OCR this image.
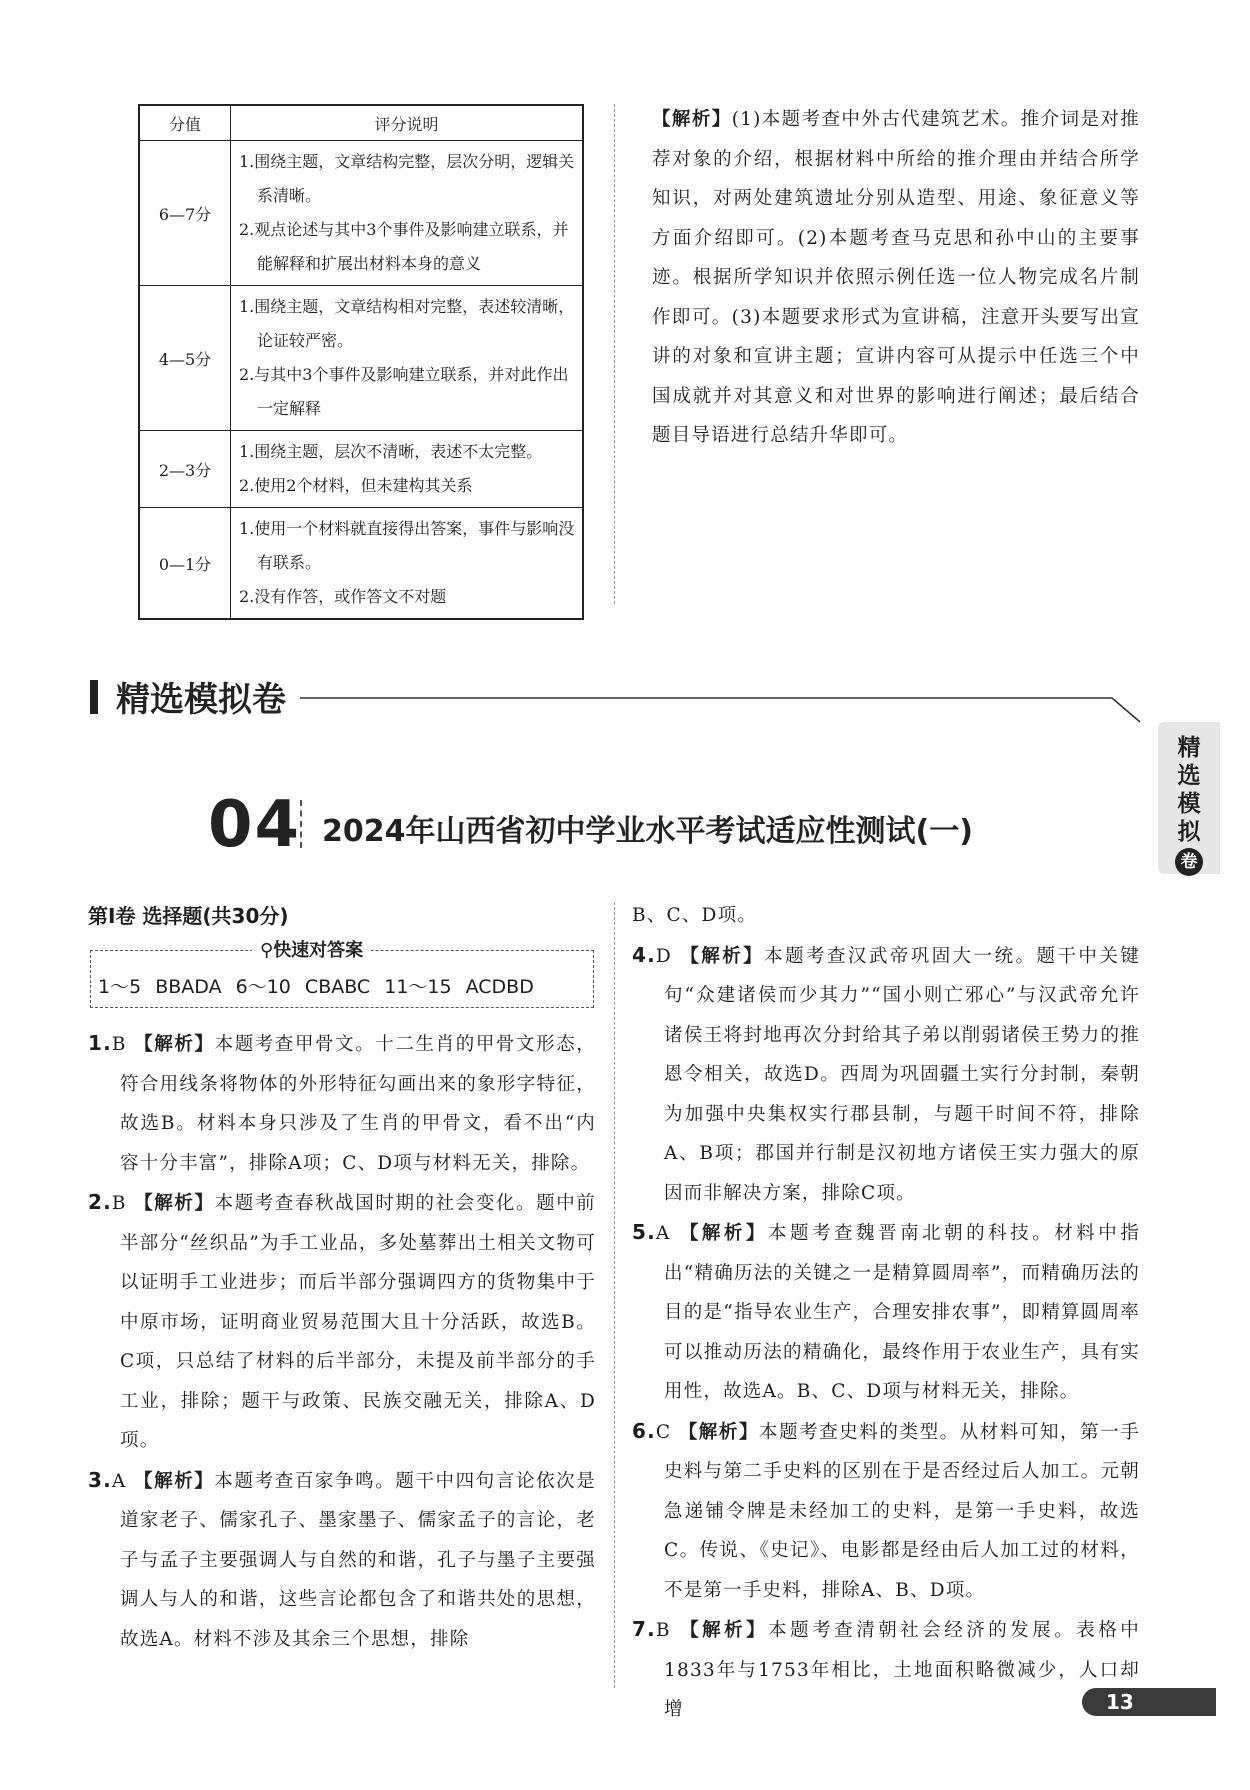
分值	评分说明
6—7分	1.围绕主题，文章结构完整，层次分明，逻辑关系清晰。
2.观点论述与其中3个事件及影响建立联系，并能解释和扩展出材料本身的意义

4—5分	1.围绕主题，文章结构相对完整，表述较清晰，论证较严密。
2.与其中3个事件及影响建立联系，并对此作出一定解释

2—3分	1.围绕主题，层次不清晰，表述不太完整。
2.使用2个材料，但未建构其关系

0—1分	1.使用一个材料就直接得出答案，事件与影响没有联系。
2.没有作答，或作答文不对题
【解析】(1)本题考查中外古代建筑艺术。推介词是对推荐对象的介绍，根据材料中所给的推介理由并结合所学知识，对两处建筑遗址分别从造型、用途、象征意义等方面介绍即可。(2)本题考查马克思和孙中山的主要事迹。根据所学知识并依照示例任选一位人物完成名片制作即可。(3)本题要求形式为宣讲稿，注意开头要写出宣讲的对象和宣讲主题；宣讲内容可从提示中任选三个中国成就并对其意义和对世界的影响进行阐述；最后结合题目导语进行总结升华即可。
精选模拟卷
精
选
模
拟
卷
04 2024年山西省初中学业水平考试适应性测试(一)
第Ⅰ卷 选择题(共30分)
⚲快速对答案
1～5 BBADA 6～10 CBABC 11～15 ACDBD
1.B 【解析】本题考查甲骨文。十二生肖的甲骨文形态，符合用线条将物体的外形特征勾画出来的象形字特征，故选B。材料本身只涉及了生肖的甲骨文，看不出“内容十分丰富”，排除A项；C、D项与材料无关，排除。
2.B 【解析】本题考查春秋战国时期的社会变化。题中前半部分“丝织品”为手工业品，多处墓葬出土相关文物可以证明手工业进步；而后半部分强调四方的货物集中于中原市场，证明商业贸易范围大且十分活跃，故选B。C项，只总结了材料的后半部分，未提及前半部分的手工业，排除；题干与政策、民族交融无关，排除A、D项。
3.A 【解析】本题考查百家争鸣。题干中四句言论依次是道家老子、儒家孔子、墨家墨子、儒家孟子的言论，老子与孟子主要强调人与自然的和谐，孔子与墨子主要强调人与人的和谐，这些言论都包含了和谐共处的思想，故选A。材料不涉及其余三个思想，排除
B、C、D项。
4.D 【解析】本题考查汉武帝巩固大一统。题干中关键句“众建诸侯而少其力”“国小则亡邪心”与汉武帝允许诸侯王将封地再次分封给其子弟以削弱诸侯王势力的推恩令相关，故选D。西周为巩固疆土实行分封制，秦朝为加强中央集权实行郡县制，与题干时间不符，排除A、B项；郡国并行制是汉初地方诸侯王实力强大的原因而非解决方案，排除C项。
5.A 【解析】本题考查魏晋南北朝的科技。材料中指出“精确历法的关键之一是精算圆周率”，而精确历法的目的是“指导农业生产，合理安排农事”，即精算圆周率可以推动历法的精确化，最终作用于农业生产，具有实用性，故选A。B、C、D项与材料无关，排除。
6.C 【解析】本题考查史料的类型。从材料可知，第一手史料与第二手史料的区别在于是否经过后人加工。元朝急递铺令牌是未经加工的史料，是第一手史料，故选C。传说、《史记》、电影都是经由后人加工过的材料，不是第一手史料，排除A、B、D项。
7.B 【解析】本题考查清朝社会经济的发展。表格中1833年与1753年相比，土地面积略微减少，人口却增	13
